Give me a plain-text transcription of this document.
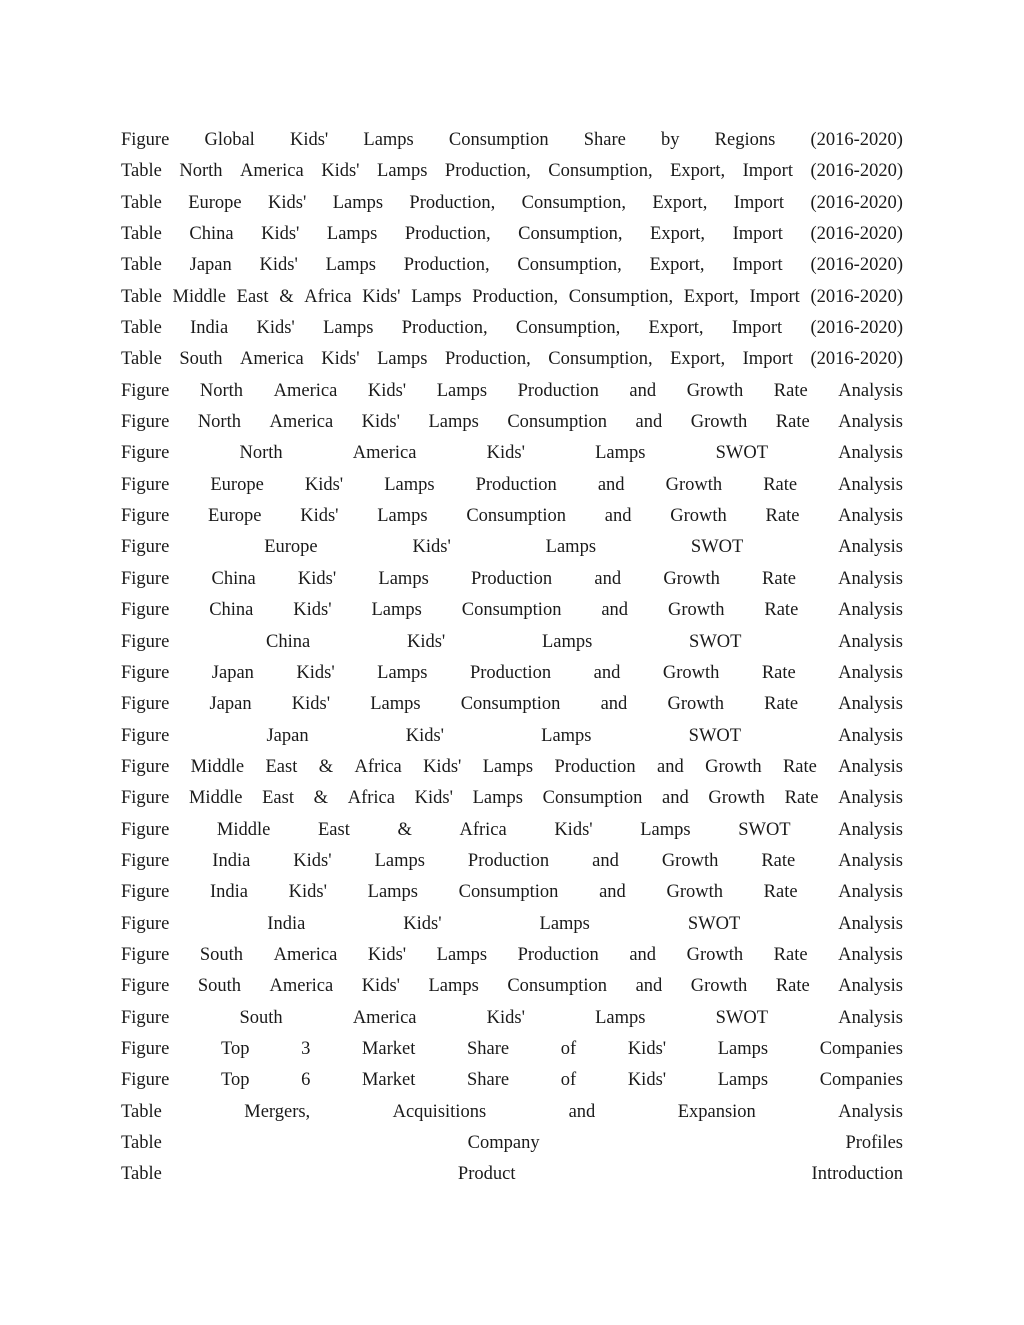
Figure Global Kids' Lamps Consumption Share by Regions (2016-2020)
Table North America Kids' Lamps Production, Consumption, Export, Import (2016-2020)
Table Europe Kids' Lamps Production, Consumption, Export, Import (2016-2020)
Table China Kids' Lamps Production, Consumption, Export, Import (2016-2020)
Table Japan Kids' Lamps Production, Consumption, Export, Import (2016-2020)
Table Middle East & Africa Kids' Lamps Production, Consumption, Export, Import (2016-2020)
Table India Kids' Lamps Production, Consumption, Export, Import (2016-2020)
Table South America Kids' Lamps Production, Consumption, Export, Import (2016-2020)
Figure North America Kids' Lamps Production and Growth Rate Analysis
Figure North America Kids' Lamps Consumption and Growth Rate Analysis
Figure	North	America	Kids'	Lamps	SWOT	Analysis
Figure Europe Kids' Lamps Production and Growth Rate Analysis
Figure Europe Kids' Lamps Consumption and Growth Rate Analysis
Figure	Europe	Kids'	Lamps	SWOT	Analysis
Figure China Kids' Lamps Production and Growth Rate Analysis
Figure China Kids' Lamps Consumption and Growth Rate Analysis
Figure	China	Kids'	Lamps	SWOT	Analysis
Figure Japan Kids' Lamps Production and Growth Rate Analysis
Figure Japan Kids' Lamps Consumption and Growth Rate Analysis
Figure	Japan	Kids'	Lamps	SWOT	Analysis
Figure Middle East & Africa Kids' Lamps Production and Growth Rate Analysis
Figure Middle East & Africa Kids' Lamps Consumption and Growth Rate Analysis
Figure	Middle	East	&	Africa	Kids'	Lamps	SWOT	Analysis
Figure India Kids' Lamps Production and Growth Rate Analysis
Figure India Kids' Lamps Consumption and Growth Rate Analysis
Figure	India	Kids'	Lamps	SWOT	Analysis
Figure South America Kids' Lamps Production and Growth Rate Analysis
Figure South America Kids' Lamps Consumption and Growth Rate Analysis
Figure	South	America	Kids'	Lamps	SWOT	Analysis
Figure	Top	3	Market	Share	of	Kids'	Lamps	Companies
Figure	Top	6	Market	Share	of	Kids'	Lamps	Companies
Table	Mergers,	Acquisitions	and	Expansion	Analysis
Table	Company	Profiles
Table	Product	Introduction
